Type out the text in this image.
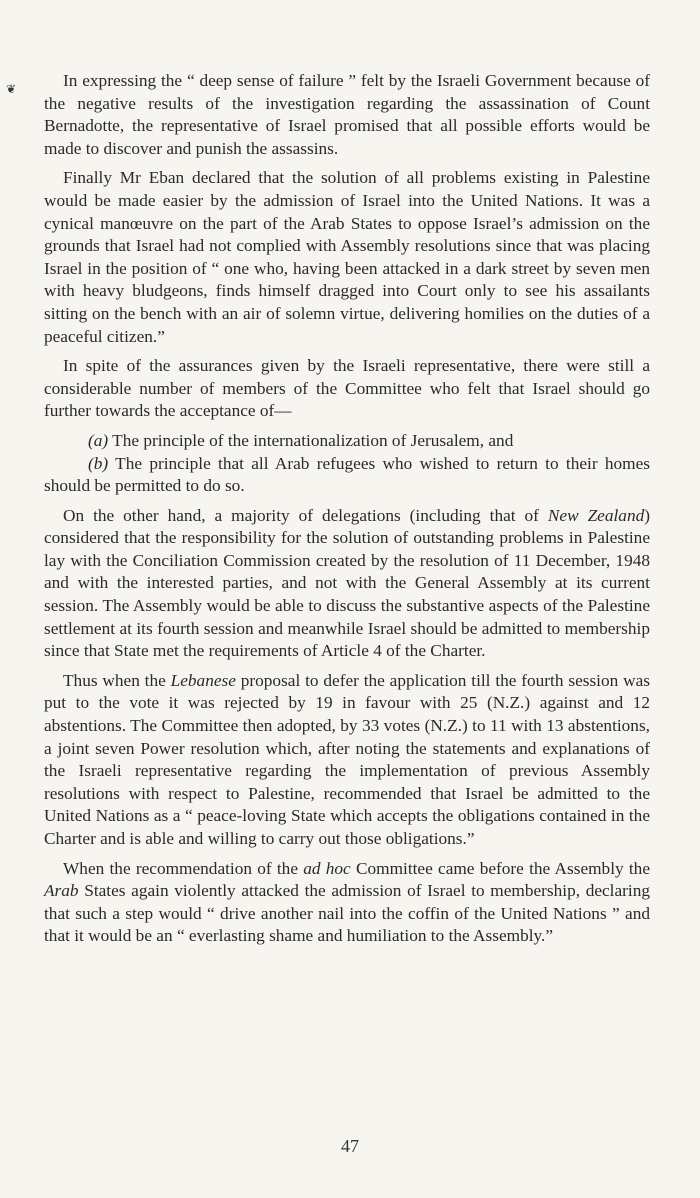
❦	In expressing the “ deep sense of failure ” felt by the Israeli Government because of the negative results of the investigation regarding the assassination of Count Bernadotte, the representative of Israel promised that all possible efforts would be made to discover and punish the assassins.

Finally Mr Eban declared that the solution of all problems existing in Palestine would be made easier by the admission of Israel into the United Nations. It was a cynical manœuvre on the part of the Arab States to oppose Israel’s admission on the grounds that Israel had not complied with Assembly resolutions since that was placing Israel in the position of “ one who, having been attacked in a dark street by seven men with heavy bludgeons, finds himself dragged into Court only to see his assailants sitting on the bench with an air of solemn virtue, delivering homilies on the duties of a peaceful citizen.”

In spite of the assurances given by the Israeli representative, there were still a considerable number of members of the Committee who felt that Israel should go further towards the acceptance of—

(a) The principle of the internationalization of Jerusalem, and

(b) The principle that all Arab refugees who wished to return to their homes should be permitted to do so.

On the other hand, a majority of delegations (including that of New Zealand) considered that the responsibility for the solution of outstanding problems in Palestine lay with the Conciliation Commission created by the resolution of 11 December, 1948 and with the interested parties, and not with the General Assembly at its current session. The Assembly would be able to discuss the substantive aspects of the Palestine settlement at its fourth session and meanwhile Israel should be admitted to membership since that State met the requirements of Article 4 of the Charter.

Thus when the Lebanese proposal to defer the application till the fourth session was put to the vote it was rejected by 19 in favour with 25 (N.Z.) against and 12 abstentions. The Committee then adopted, by 33 votes (N.Z.) to 11 with 13 abstentions, a joint seven Power resolution which, after noting the statements and explanations of the Israeli representative regarding the implementation of previous Assembly resolutions with respect to Palestine, recommended that Israel be admitted to the United Nations as a “ peace-loving State which accepts the obligations contained in the Charter and is able and willing to carry out those obligations.”

When the recommendation of the ad hoc Committee came before the Assembly the Arab States again violently attacked the admission of Israel to membership, declaring that such a step would “ drive another nail into the coffin of the United Nations ” and that it would be an “ everlasting shame and humiliation to the Assembly.”

47
